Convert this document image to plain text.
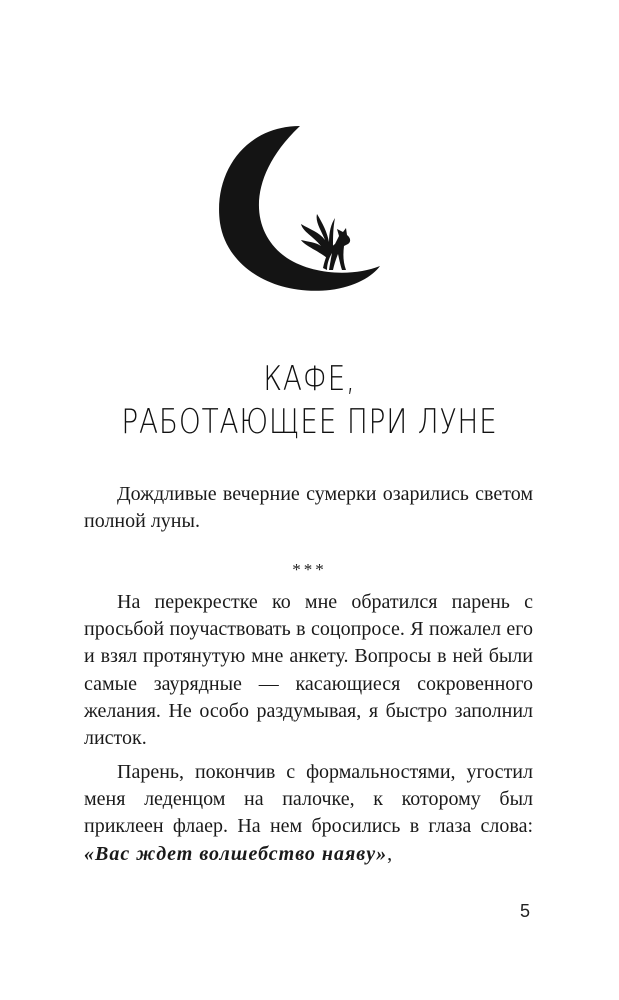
КАФЕ,
РАБОТАЮЩЕЕ ПРИ ЛУНЕ

Дождливые вечерние сумерки озарились светом полной луны.

***

На перекрестке ко мне обратился парень с просьбой поучаствовать в соцопросе. Я пожалел его и взял протянутую мне анкету. Вопросы в ней были самые заурядные — касающиеся сокровенного желания. Не особо раздумывая, я быстро заполнил листок.

Парень, покончив с формальностями, угостил меня леденцом на палочке, к которому был приклеен флаер. На нем бросились в глаза слова: «Вас ждет волшебство наяву»,

5
